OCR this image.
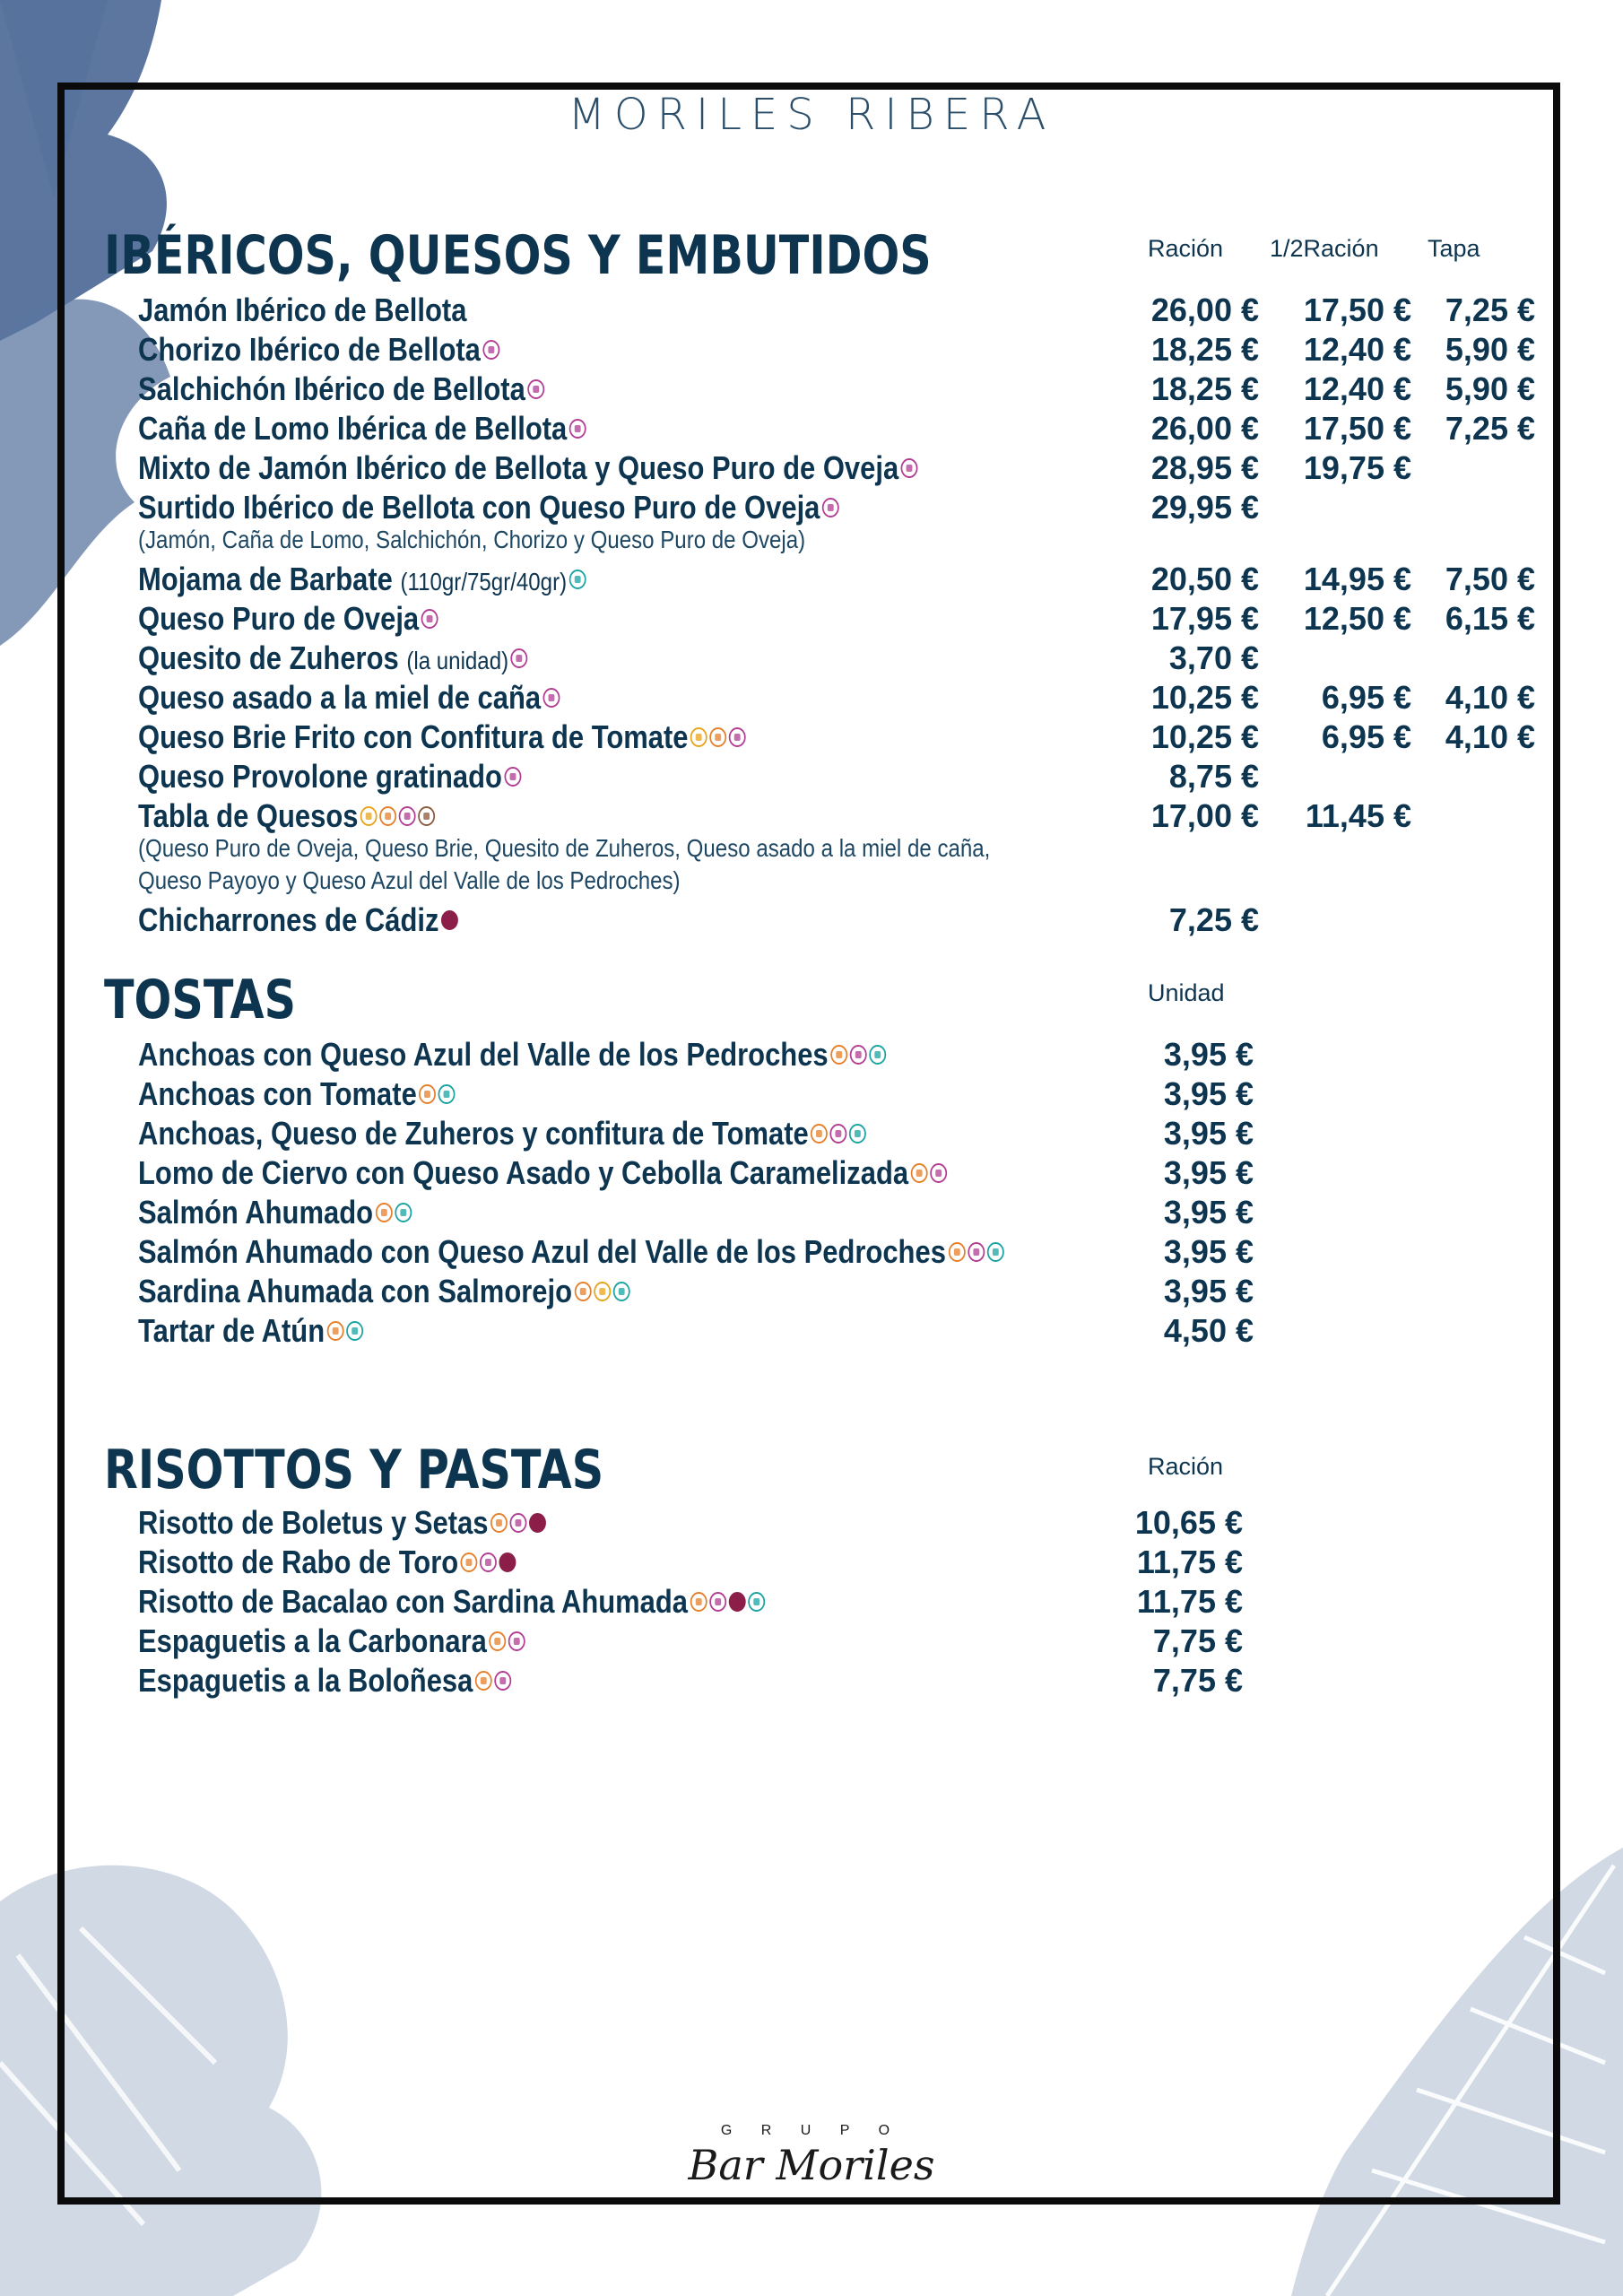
MORILES RIBERA
IBÉRICOS, QUESOS Y EMBUTIDOS	Ración 1/2Ración Tapa
Jamón Ibérico de Bellota	26,00 € 17,50 € 7,25 €
Chorizo Ibérico de Bellota	18,25 € 12,40 € 5,90 €
Salchichón Ibérico de Bellota	18,25 € 12,40 € 5,90 €
Caña de Lomo Ibérica de Bellota	26,00 € 17,50 € 7,25 €
Mixto de Jamón Ibérico de Bellota y Queso Puro de Oveja	28,95 € 19,75 €
Surtido Ibérico de Bellota con Queso Puro de Oveja	29,95 €
Mojama de Barbate (110gr/75gr/40gr)	20,50 € 14,95 € 7,50 €
Queso Puro de Oveja	17,95 € 12,50 € 6,15 €
Quesito de Zuheros (la unidad)	3,70 €
Queso asado a la miel de caña	10,25 € 6,95 € 4,10 €
Queso Brie Frito con Confitura de Tomate	10,25 € 6,95 € 4,10 €
Queso Provolone gratinado	8,75 €
Tabla de Quesos	17,00 € 11,45 €
Chicharrones de Cádiz	7,25 €
(Jamón, Caña de Lomo, Salchichón, Chorizo y Queso Puro de Oveja)
(Queso Puro de Oveja, Queso Brie, Quesito de Zuheros, Queso asado a la miel de caña,
Queso Payoyo y Queso Azul del Valle de los Pedroches)
TOSTAS	Unidad
Anchoas con Queso Azul del Valle de los Pedroches	3,95 €
Anchoas con Tomate	3,95 €
Anchoas, Queso de Zuheros y confitura de Tomate	3,95 €
Lomo de Ciervo con Queso Asado y Cebolla Caramelizada	3,95 €
Salmón Ahumado	3,95 €
Salmón Ahumado con Queso Azul del Valle de los Pedroches	3,95 €
Sardina Ahumada con Salmorejo	3,95 €
Tartar de Atún	4,50 €
RISOTTOS Y PASTAS	Ración
Risotto de Boletus y Setas	10,65 €
Risotto de Rabo de Toro	11,75 €
Risotto de Bacalao con Sardina Ahumada	11,75 €
Espaguetis a la Carbonara	7,75 €
Espaguetis a la Boloñesa	7,75 €
G R U P O
Bar Moriles
